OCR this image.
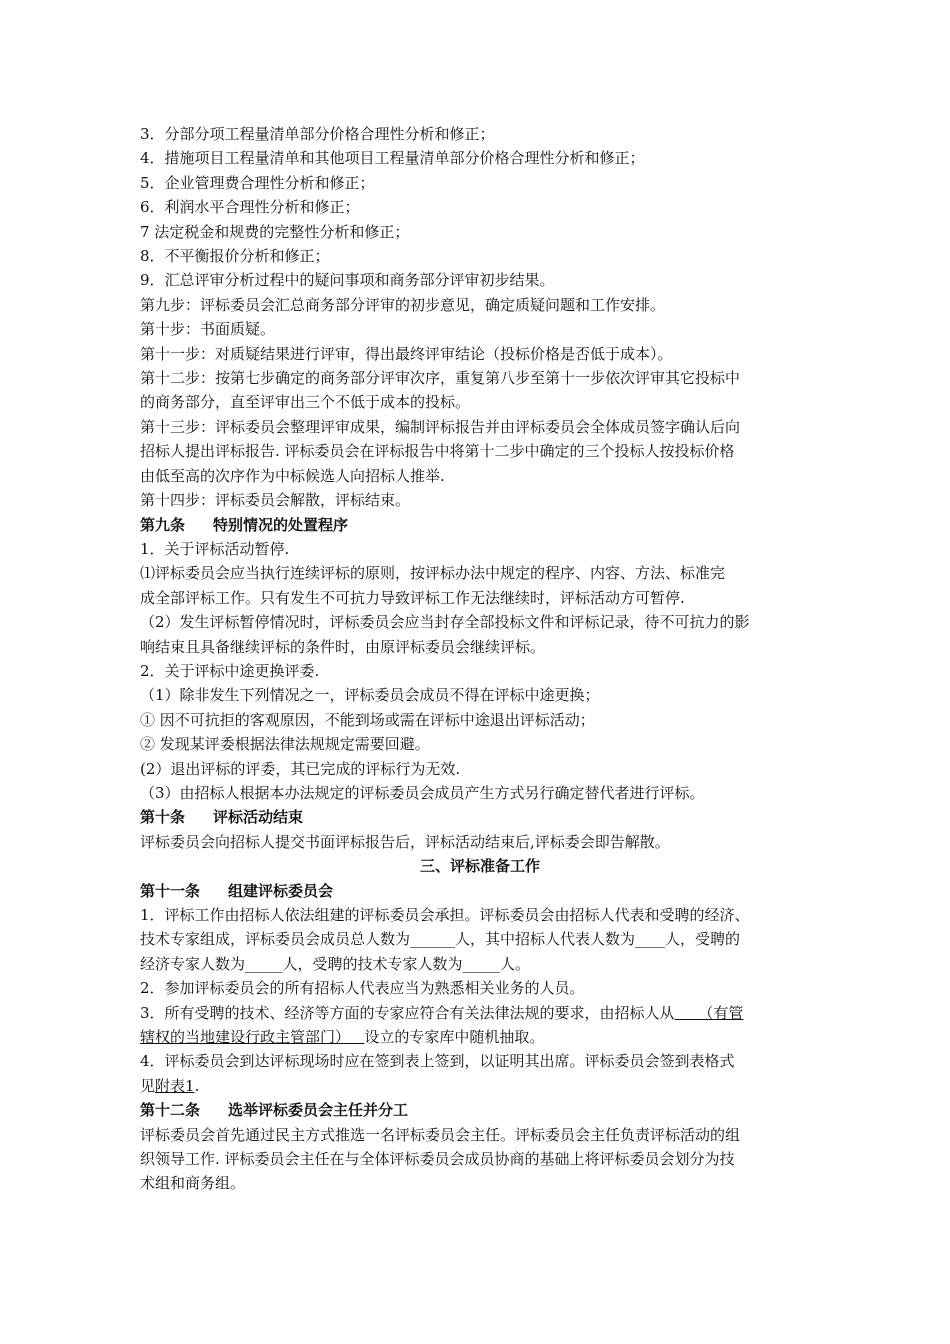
3．分部分项工程量清单部分价格合理性分析和修正；
4．措施项目工程量清单和其他项目工程量清单部分价格合理性分析和修正；
5．企业管理费合理性分析和修正；
6．利润水平合理性分析和修正；
7 法定税金和规费的完整性分析和修正；
8．不平衡报价分析和修正；
9．汇总评审分析过程中的疑问事项和商务部分评审初步结果。
第九步：评标委员会汇总商务部分评审的初步意见，确定质疑问题和工作安排。
第十步：书面质疑。
第十一步：对质疑结果进行评审，得出最终评审结论（投标价格是否低于成本）。
第十二步：按第七步确定的商务部分评审次序，重复第八步至第十一步依次评审其它投标中
的商务部分，直至评审出三个不低于成本的投标。
第十三步：评标委员会整理评审成果，编制评标报告并由评标委员会全体成员签字确认后向
招标人提出评标报告. 评标委员会在评标报告中将第十二步中确定的三个投标人按投标价格
由低至高的次序作为中标候选人向招标人推举.
第十四步：评标委员会解散，评标结束。
第九条 特别情况的处置程序
1．关于评标活动暂停.
⑴评标委员会应当执行连续评标的原则，按评标办法中规定的程序、内容、方法、标准完
成全部评标工作。只有发生不可抗力导致评标工作无法继续时，评标活动方可暂停.
（2）发生评标暂停情况时，评标委员会应当封存全部投标文件和评标记录，待不可抗力的影
响结束且具备继续评标的条件时，由原评标委员会继续评标。
2．关于评标中途更换评委.
（1）除非发生下列情况之一，评标委员会成员不得在评标中途更换；
① 因不可抗拒的客观原因，不能到场或需在评标中途退出评标活动；
② 发现某评委根据法律法规规定需要回避。
(2）退出评标的评委，其已完成的评标行为无效.
（3）由招标人根据本办法规定的评标委员会成员产生方式另行确定替代者进行评标。
第十条 评标活动结束
评标委员会向招标人提交书面评标报告后，评标活动结束后,评标委会即告解散。
三、评标准备工作
第十一条 组建评标委员会
1．评标工作由招标人依法组建的评标委员会承担。评标委员会由招标人代表和受聘的经济、
技术专家组成，评标委员会成员总人数为______人，其中招标人代表人数为____人，受聘的
经济专家人数为_____人，受聘的技术专家人数为_____人。
2．参加评标委员会的所有招标人代表应当为熟悉相关业务的人员。
3．所有受聘的技术、经济等方面的专家应符合有关法律法规的要求，由招标人从 （有管
辖权的当地建设行政主管部门） 设立的专家库中随机抽取。
4．评标委员会到达评标现场时应在签到表上签到，以证明其出席。评标委员会签到表格式
见附表1.
第十二条 选举评标委员会主任并分工
评标委员会首先通过民主方式推选一名评标委员会主任。评标委员会主任负责评标活动的组
织领导工作. 评标委员会主任在与全体评标委员会成员协商的基础上将评标委员会划分为技
术组和商务组。
